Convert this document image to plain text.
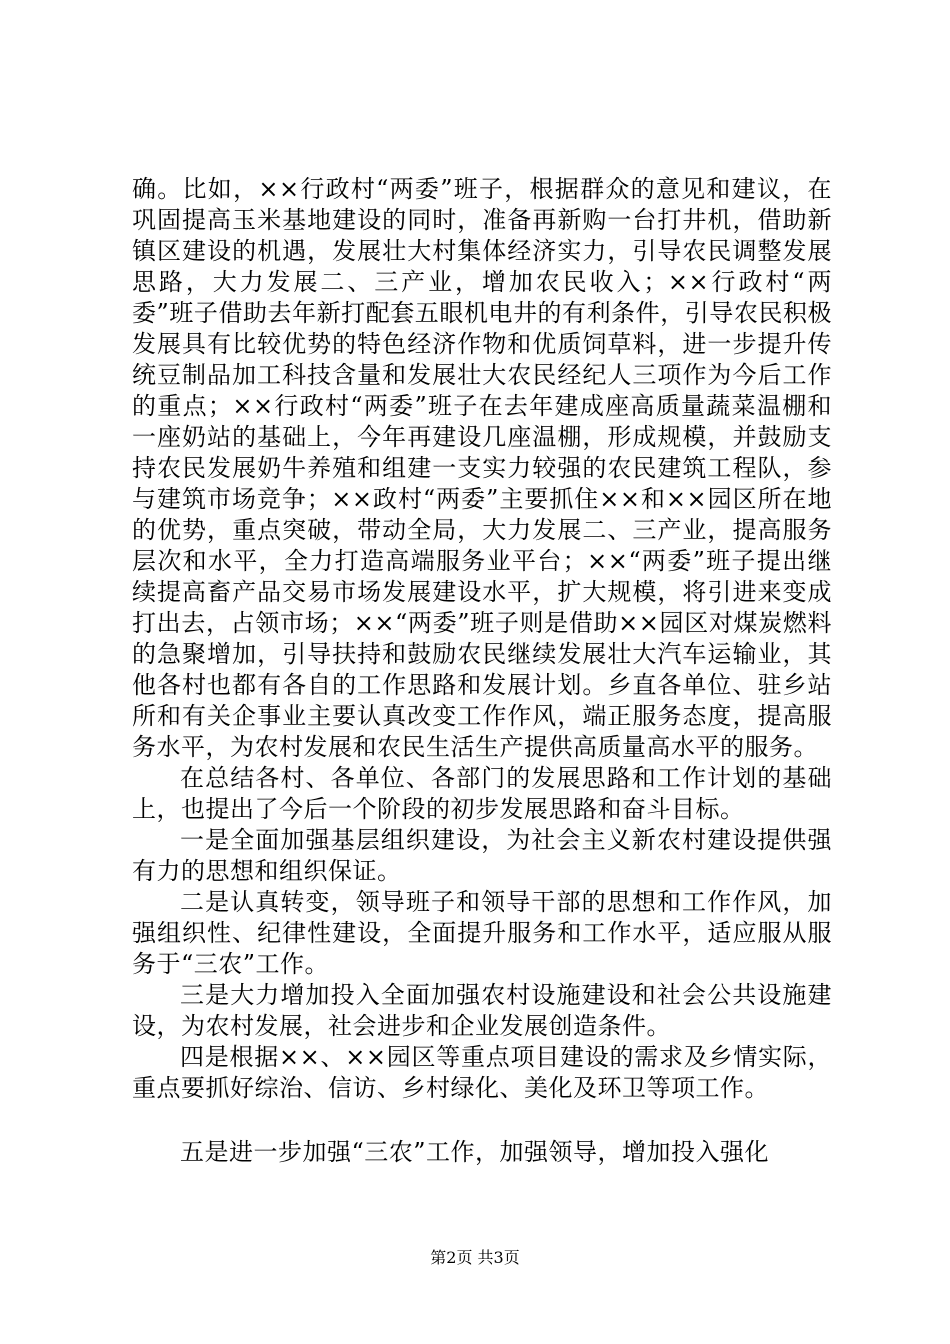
确。比如，××行政村“两委”班子，根据群众的意见和建议，在巩固提高玉米基地建设的同时，准备再新购一台打井机，借助新镇区建设的机遇，发展壮大村集体经济实力，引导农民调整发展思路，大力发展二、三产业，增加农民收入；××行政村“两委”班子借助去年新打配套五眼机电井的有利条件，引导农民积极发展具有比较优势的特色经济作物和优质饲草料，进一步提升传统豆制品加工科技含量和发展壮大农民经纪人三项作为今后工作的重点；××行政村“两委”班子在去年建成座高质量蔬菜温棚和一座奶站的基础上，今年再建设几座温棚，形成规模，并鼓励支持农民发展奶牛养殖和组建一支实力较强的农民建筑工程队，参与建筑市场竞争；××政村“两委”主要抓住××和××园区所在地的优势，重点突破，带动全局，大力发展二、三产业，提高服务层次和水平，全力打造高端服务业平台；××“两委”班子提出继续提高畜产品交易市场发展建设水平，扩大规模，将引进来变成打出去，占领市场；××“两委”班子则是借助××园区对煤炭燃料的急聚增加，引导扶持和鼓励农民继续发展壮大汽车运输业，其他各村也都有各自的工作思路和发展计划。乡直各单位、驻乡站所和有关企事业主要认真改变工作作风，端正服务态度，提高服务水平，为农村发展和农民生活生产提供高质量高水平的服务。

在总结各村、各单位、各部门的发展思路和工作计划的基础上，也提出了今后一个阶段的初步发展思路和奋斗目标。

一是全面加强基层组织建设，为社会主义新农村建设提供强有力的思想和组织保证。

二是认真转变，领导班子和领导干部的思想和工作作风，加强组织性、纪律性建设，全面提升服务和工作水平，适应服从服务于“三农”工作。

三是大力增加投入全面加强农村设施建设和社会公共设施建设，为农村发展，社会进步和企业发展创造条件。

四是根据××、××园区等重点项目建设的需求及乡情实际，重点要抓好综治、信访、乡村绿化、美化及环卫等项工作。

五是进一步加强“三农”工作，加强领导，增加投入强化

第2页 共3页
